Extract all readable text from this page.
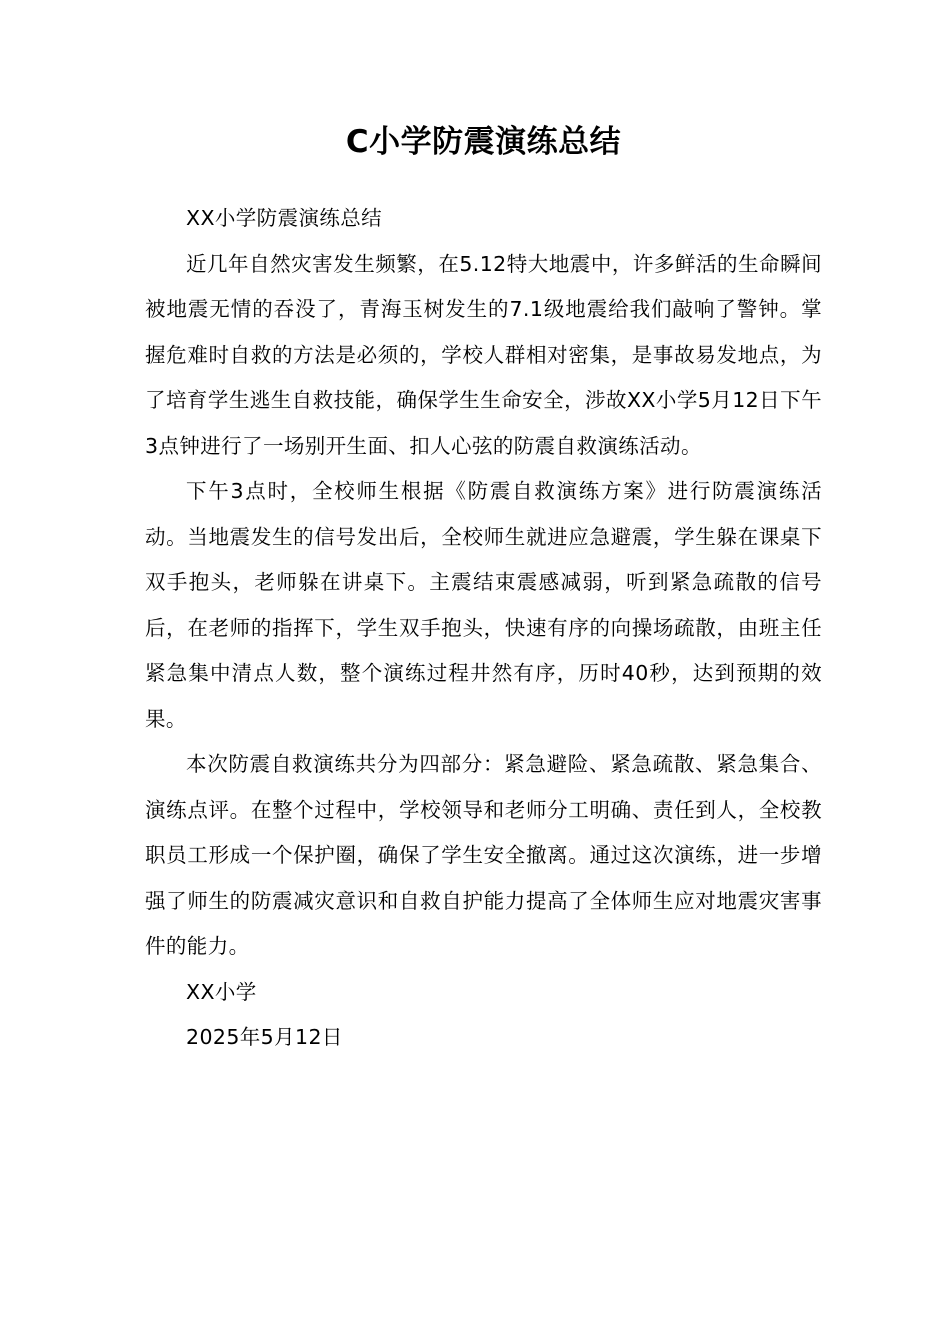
C小学防震演练总结

XX小学防震演练总结

近几年自然灾害发生频繁，在5.12特大地震中，许多鲜活的生命瞬间被地震无情的吞没了，青海玉树发生的7.1级地震给我们敲响了警钟。掌握危难时自救的方法是必须的，学校人群相对密集，是事故易发地点，为了培育学生逃生自救技能，确保学生生命安全，涉故XX小学5月12日下午3点钟进行了一场别开生面、扣人心弦的防震自救演练活动。

下午3点时，全校师生根据《防震自救演练方案》进行防震演练活动。当地震发生的信号发出后，全校师生就进应急避震，学生躲在课桌下双手抱头，老师躲在讲桌下。主震结束震感减弱，听到紧急疏散的信号后，在老师的指挥下，学生双手抱头，快速有序的向操场疏散，由班主任紧急集中清点人数，整个演练过程井然有序，历时40秒，达到预期的效果。

本次防震自救演练共分为四部分：紧急避险、紧急疏散、紧急集合、演练点评。在整个过程中，学校领导和老师分工明确、责任到人，全校教职员工形成一个保护圈，确保了学生安全撤离。通过这次演练，进一步增强了师生的防震减灾意识和自救自护能力提高了全体师生应对地震灾害事件的能力。

XX小学

2025年5月12日
